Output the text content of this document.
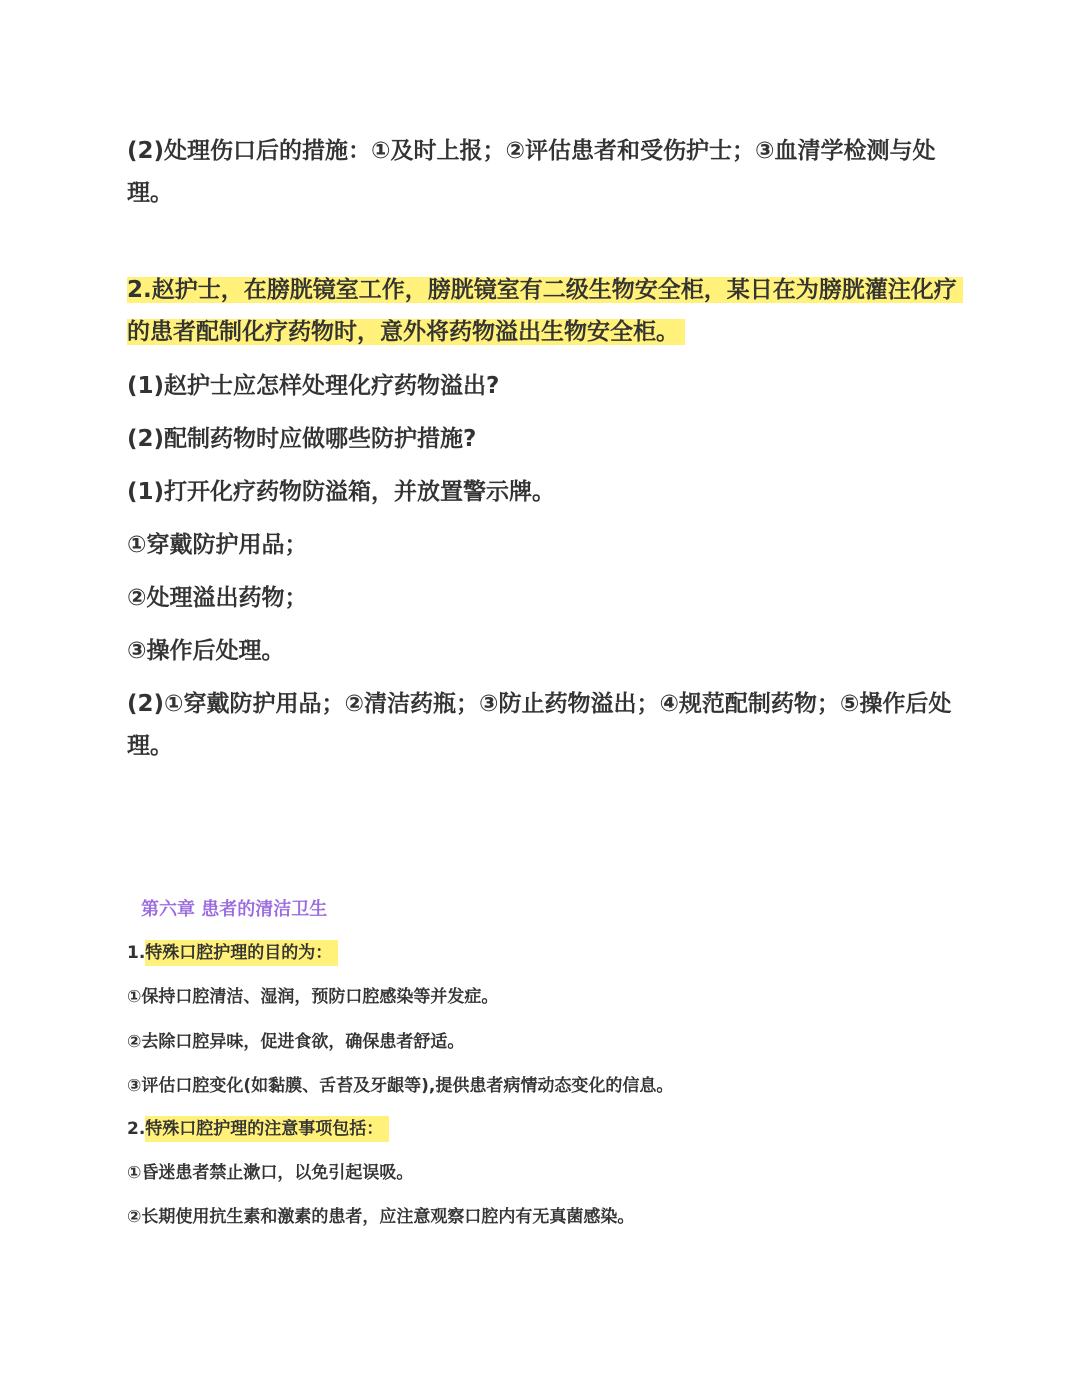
(2)处理伤口后的措施：①及时上报；②评估患者和受伤护士；③血清学检测与处理。

2.赵护士，在膀胱镜室工作，膀胱镜室有二级生物安全柜，某日在为膀胱灌注化疗的患者配制化疗药物时，意外将药物溢出生物安全柜。

(1)赵护士应怎样处理化疗药物溢出?

(2)配制药物时应做哪些防护措施?

(1)打开化疗药物防溢箱，并放置警示牌。

①穿戴防护用品；

②处理溢出药物；

③操作后处理。

(2)①穿戴防护用品；②清洁药瓶；③防止药物溢出；④规范配制药物；⑤操作后处理。

第六章 患者的清洁卫生

1.特殊口腔护理的目的为：

①保持口腔清洁、湿润，预防口腔感染等并发症。

②去除口腔异味，促进食欲，确保患者舒适。

③评估口腔变化(如黏膜、舌苔及牙龈等),提供患者病情动态变化的信息。

2.特殊口腔护理的注意事项包括：

①昏迷患者禁止漱口，以免引起误吸。

②长期使用抗生素和激素的患者，应注意观察口腔内有无真菌感染。
